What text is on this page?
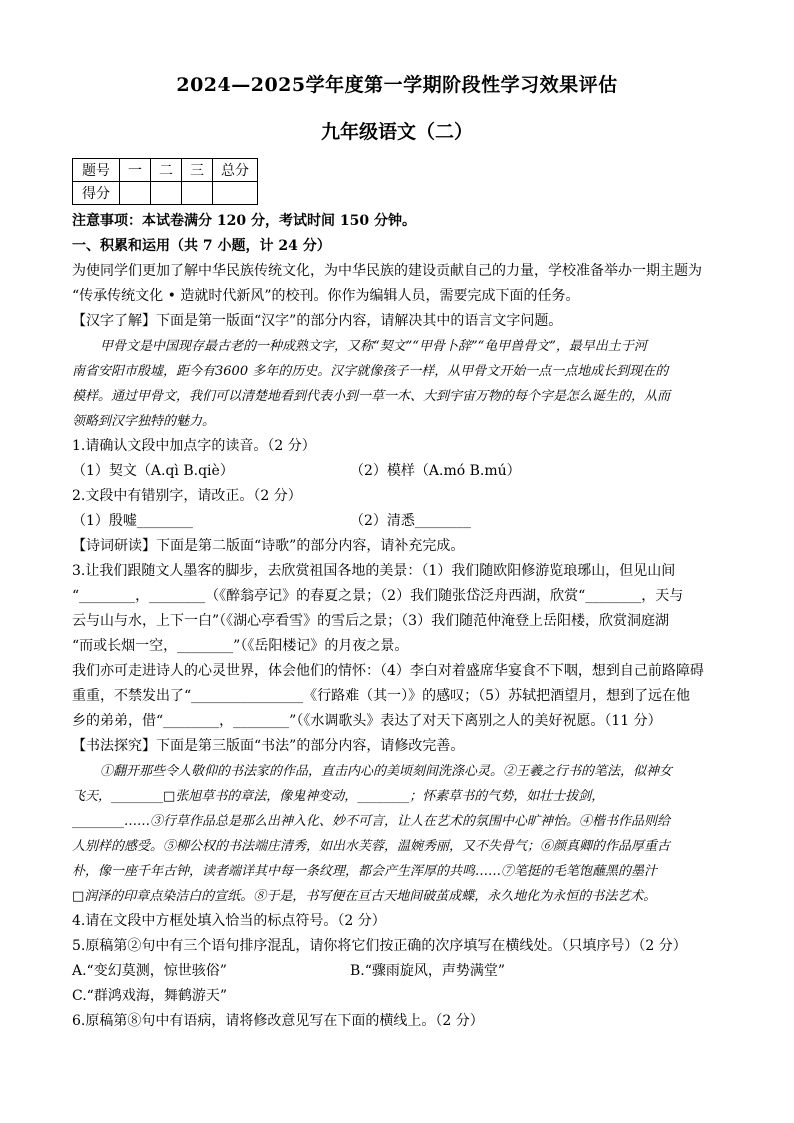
2024—2025学年度第一学期阶段性学习效果评估
九年级语文（二）
题号	一	二	三	总分
得分				
注意事项：本试卷满分 120 分，考试时间 150 分钟。
一、积累和运用（共 7 小题，计 24 分）
为使同学们更加了解中华民族传统文化，为中华民族的建设贡献自己的力量，学校准备举办一期主题为
“传承传统文化 • 造就时代新风”的校刊。你作为编辑人员，需要完成下面的任务。
【汉字了解】下面是第一版面“汉字”的部分内容，请解决其中的语言文字问题。
甲骨文是中国现存最古老的一种成熟文字，又称“契文”“甲骨卜辞”“龟甲兽骨文”，最早出土于河
南省安阳市殷墟，距今有3600 多年的历史。汉字就像孩子一样，从甲骨文开始一点一点地成长到现在的
模样。通过甲骨文，我们可以清楚地看到代表小到一草一木、大到宇宙万物的每个字是怎么诞生的，从而
领略到汉字独特的魅力。
1.请确认文段中加点字的读音。（2 分）
（1）契文（A.qì B.qiè）	（2）模样（A.mó B.mú）
2.文段中有错别字，请改正。（2 分）
（1）殷嘘________	（2）清悉________
【诗词研读】下面是第二版面“诗歌”的部分内容，请补充完成。
3.让我们跟随文人墨客的脚步，去欣赏祖国各地的美景：（1）我们随欧阳修游览琅琊山，但见山间
“________，________（《醉翁亭记》的春夏之景；（2）我们随张岱泛舟西湖，欣赏“________，天与
云与山与水，上下一白”（《湖心亭看雪》的雪后之景；（3）我们随范仲淹登上岳阳楼，欣赏洞庭湖
“而或长烟一空，________”（《岳阳楼记》的月夜之景。
我们亦可走进诗人的心灵世界，体会他们的情怀：（4）李白对着盛席华宴食不下咽，想到自己前路障碍
重重，不禁发出了“________________《行路难（其一）》的感叹；（5）苏轼把酒望月，想到了远在他
乡的弟弟，借“________，________”（《水调歌头》表达了对天下离别之人的美好祝愿。（11 分）
【书法探究】下面是第三版面“书法”的部分内容，请修改完善。
①翻开那些令人敬仰的书法家的作品，直击内心的美顷刻间洗涤心灵。②王羲之行书的笔法，似神女
飞天，________□张旭草书的章法，像鬼神变动，________；怀素草书的气势，如壮士拔剑，
________……③行草作品总是那么出神入化、妙不可言，让人在艺术的氛围中心旷神怡。④楷书作品则给
人别样的感受。⑤柳公权的书法端庄清秀，如出水芙蓉，温婉秀丽，又不失骨气；⑥颜真卿的作品厚重古
朴，像一座千年古钟，读者端详其中每一条纹理，都会产生浑厚的共鸣……⑦笔挺的毛笔饱蘸黑的墨汁
□润泽的印章点染洁白的宣纸。⑧于是，书写便在亘古天地间破茧成蝶，永久地化为永恒的书法艺术。
4.请在文段中方框处填入恰当的标点符号。（2 分）
5.原稿第②句中有三个语句排序混乱，请你将它们按正确的次序填写在横线处。（只填序号）（2 分）
A.“变幻莫测，惊世骇俗”	B.“骤雨旋风，声势满堂”
C.“群鸿戏海，舞鹤游天”
6.原稿第⑧句中有语病，请将修改意见写在下面的横线上。（2 分）
